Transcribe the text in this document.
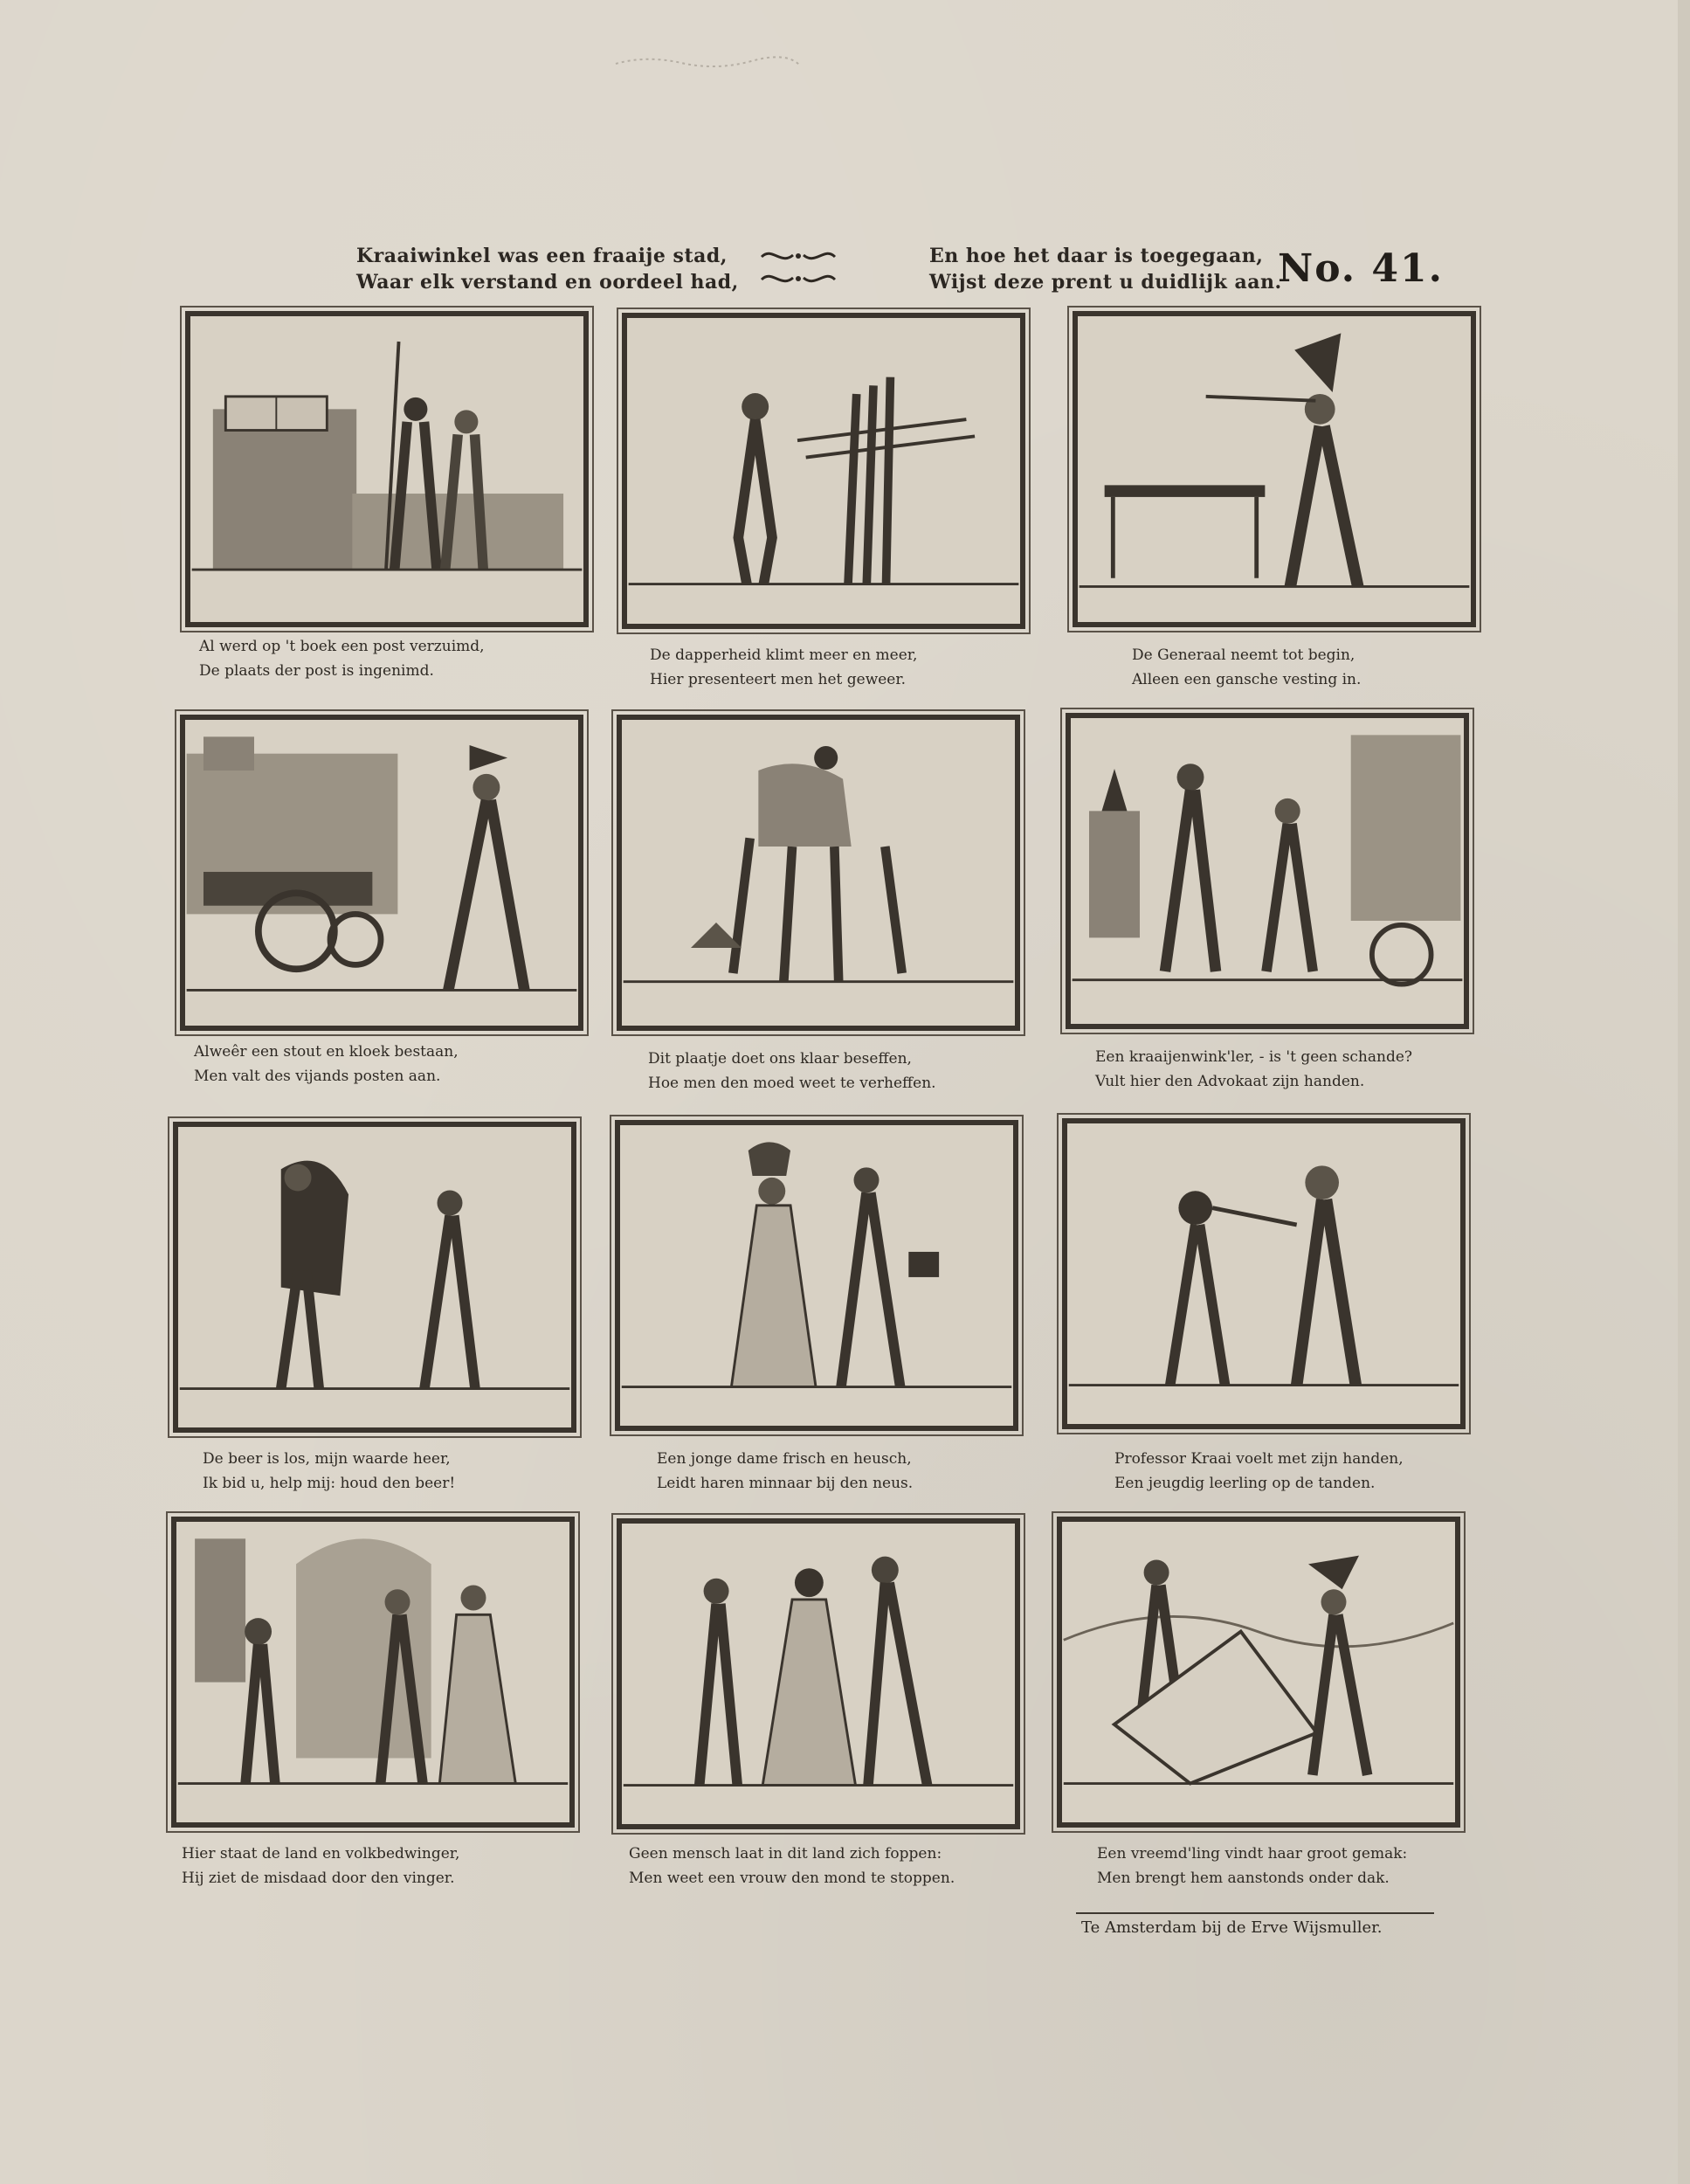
Kraaiwinkel was een fraaije stad,
Waar elk verstand en oordeel had,
En hoe het daar is toegegaan,
Wijst deze prent u duidlijk aan.
No. 41.
Al werd op 't boek een post verzuimd,
De plaats der post is ingenimd.
De dapperheid klimt meer en meer,
Hier presenteert men het geweer.
De Generaal neemt tot begin,
Alleen een gansche vesting in.
Alweêr een stout en kloek bestaan,
Men valt des vijands posten aan.
Dit plaatje doet ons klaar beseffen,
Hoe men den moed weet te verheffen.
Een kraaijenwink'ler, - is 't geen schande?
Vult hier den Advokaat zijn handen.
De beer is los, mijn waarde heer,
Ik bid u, help mij: houd den beer!
Een jonge dame frisch en heusch,
Leidt haren minnaar bij den neus.
Professor Kraai voelt met zijn handen,
Een jeugdig leerling op de tanden.
Hier staat de land en volkbedwinger,
Hij ziet de misdaad door den vinger.
Geen mensch laat in dit land zich foppen:
Men weet een vrouw den mond te stoppen.
Een vreemd'ling vindt haar groot gemak:
Men brengt hem aanstonds onder dak.
Te Amsterdam bij de Erve Wijsmuller.
